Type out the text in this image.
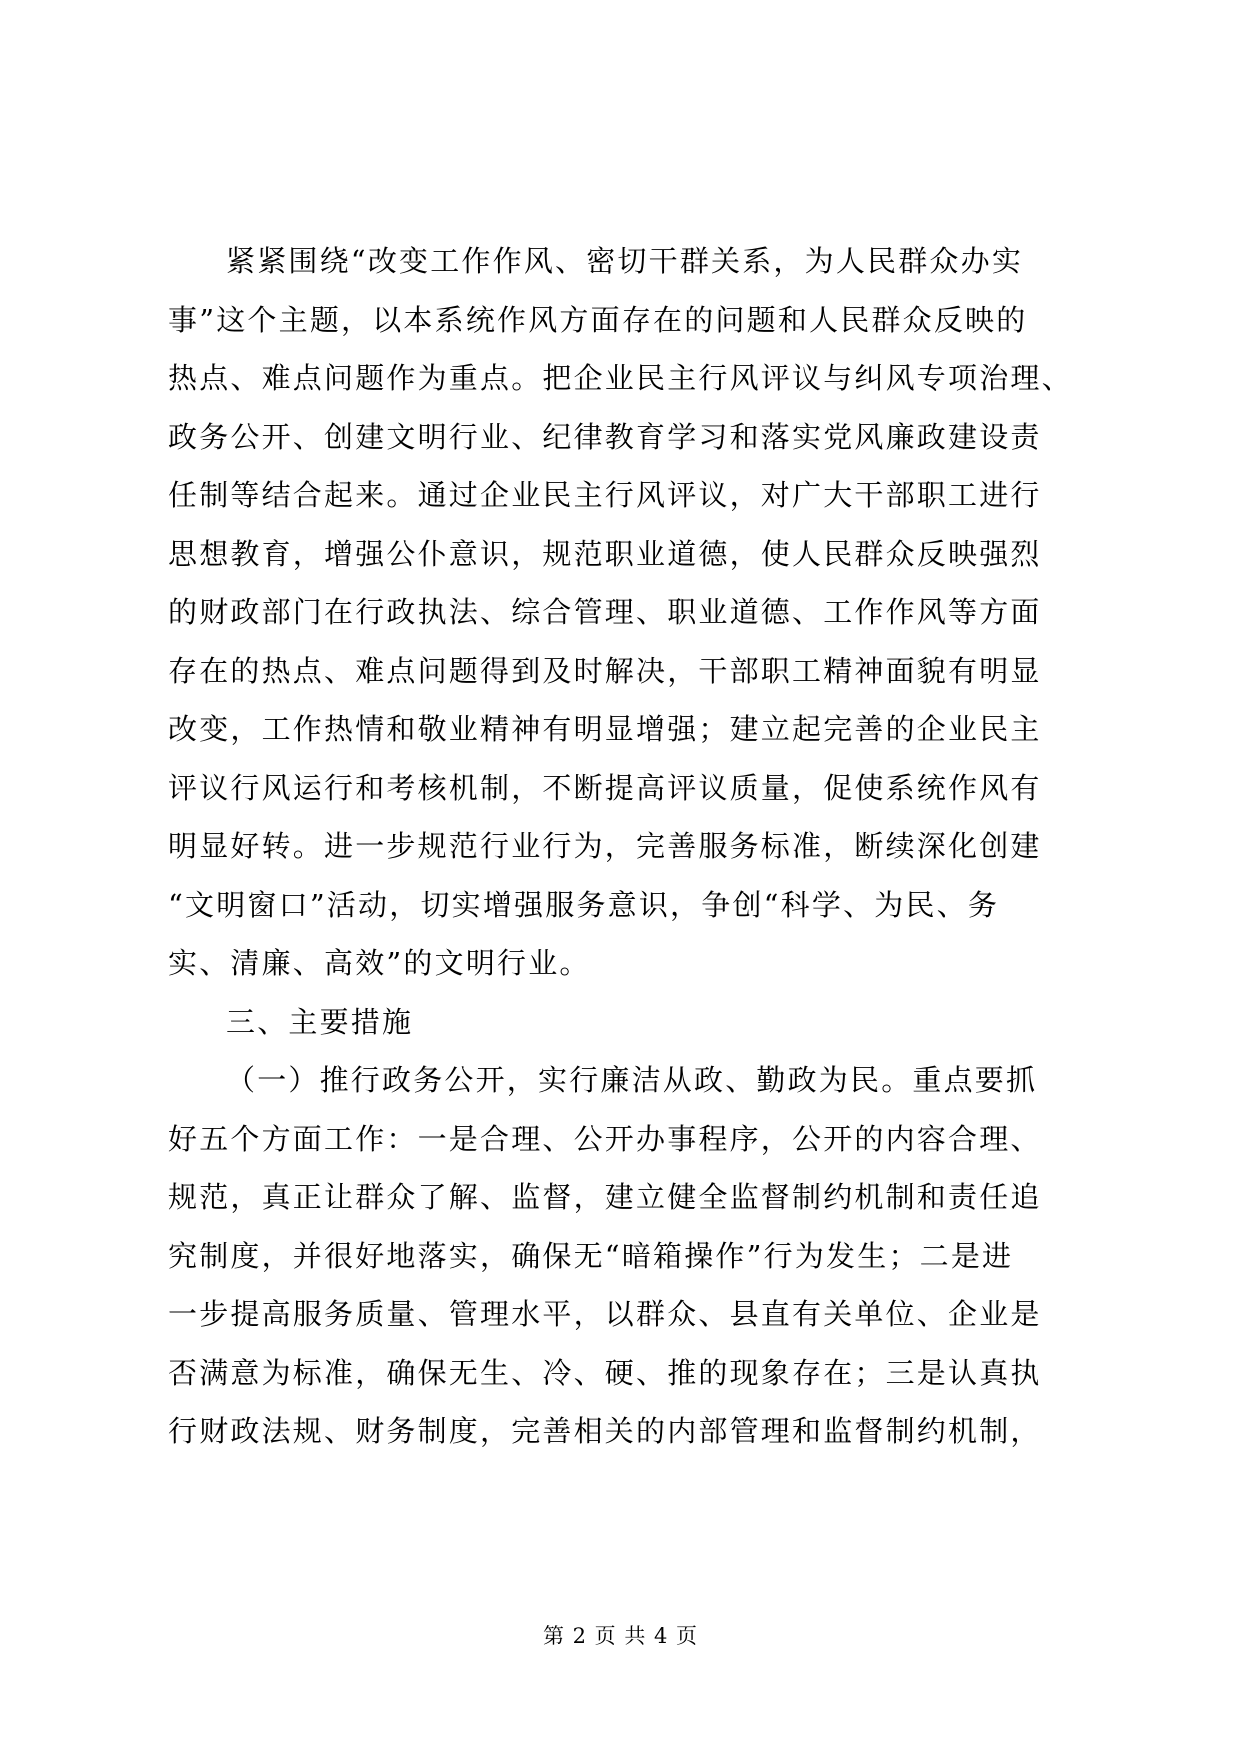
紧紧围绕“改变工作作风、密切干群关系，为人民群众办实
事”这个主题，以本系统作风方面存在的问题和人民群众反映的
热点、难点问题作为重点。把企业民主行风评议与纠风专项治理、
政务公开、创建文明行业、纪律教育学习和落实党风廉政建设责
任制等结合起来。通过企业民主行风评议，对广大干部职工进行
思想教育，增强公仆意识，规范职业道德，使人民群众反映强烈
的财政部门在行政执法、综合管理、职业道德、工作作风等方面
存在的热点、难点问题得到及时解决，干部职工精神面貌有明显
改变，工作热情和敬业精神有明显增强；建立起完善的企业民主
评议行风运行和考核机制，不断提高评议质量，促使系统作风有
明显好转。进一步规范行业行为，完善服务标准，断续深化创建
“文明窗口”活动，切实增强服务意识，争创“科学、为民、务
实、清廉、高效”的文明行业。
三、主要措施
（一）推行政务公开，实行廉洁从政、勤政为民。重点要抓
好五个方面工作：一是合理、公开办事程序，公开的内容合理、
规范，真正让群众了解、监督，建立健全监督制约机制和责任追
究制度，并很好地落实，确保无“暗箱操作”行为发生；二是进
一步提高服务质量、管理水平，以群众、县直有关单位、企业是
否满意为标准，确保无生、冷、硬、推的现象存在；三是认真执
行财政法规、财务制度，完善相关的内部管理和监督制约机制，
第 2 页 共 4 页
